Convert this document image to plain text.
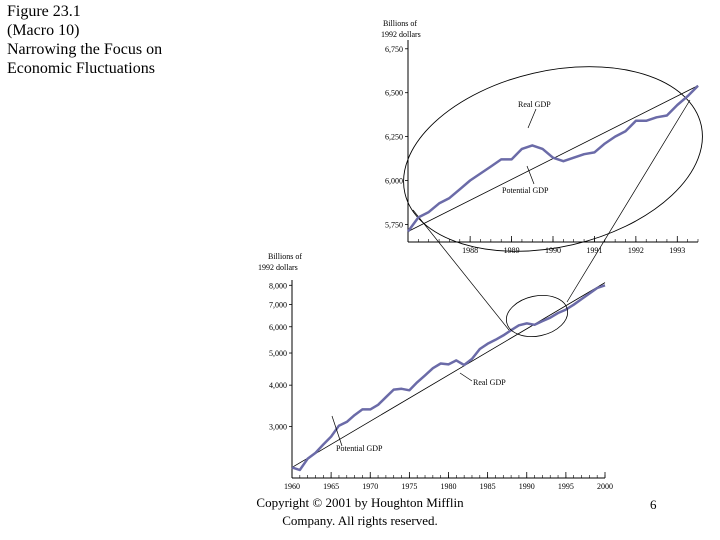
Figure 23.1
(Macro 10)
Narrowing the Focus on
Economic Fluctuations
Billions of
1992 dollars
3,000
4,000
5,000
6,000
7,000
8,000
1960	1965	1970	1975	1980	1985	1990	1995	2000
Real GDP
Potential GDP
Billions of
1992 dollars
5,750
6,000
6,250
6,500
6,750
1988	1989	1990	1991	1992	1993
Real GDP
Potential GDP
Copyright © 2001 by Houghton Mifflin Company. All rights reserved.
6
